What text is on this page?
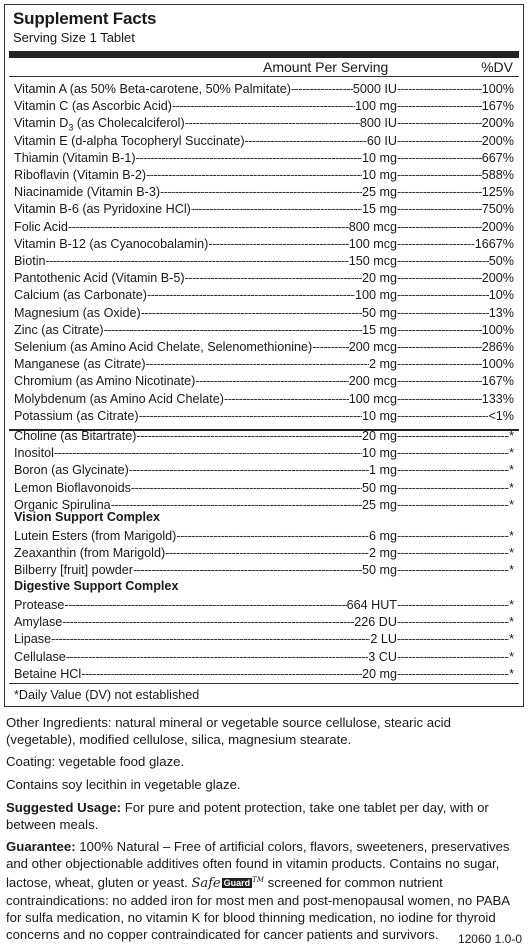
Supplement Facts
Serving Size 1 Tablet
Amount Per Serving	%DV
Vitamin A (as 50% Beta-carotene, 50% Palmitate) -----	5000 IU -----	100%
Vitamin C (as Ascorbic Acid) -----	100 mg -----	167%
Vitamin $D_3$ (as Cholecalciferol) -----	800 IU -----	200%
Vitamin E (d-alpha Tocopheryl Succinate) -----	60 IU -----	200%
Thiamin (Vitamin B-1) -----	10 mg -----	667%
Riboflavin (Vitamin B-2) -----	10 mg -----	588%
Niacinamide (Vitamin B-3) -----	25 mg -----	125%
Vitamin B-6 (as Pyridoxine HCl) -----	15 mg -----	750%
Folic Acid -----	800 mcg -----	200%
Vitamin B-12 (as Cyanocobalamin) -----	100 mcg -----	1667%
Biotin -----	150 mcg -----	50%
Pantothenic Acid (Vitamin B-5) -----	20 mg -----	200%
Calcium (as Carbonate) -----	100 mg -----	10%
Magnesium (as Oxide) -----	50 mg -----	13%
Zinc (as Citrate) -----	15 mg -----	100%
Selenium (as Amino Acid Chelate, Selenomethionine) -----	200 mcg -----	286%
Manganese (as Citrate) -----	2 mg -----	100%
Chromium (as Amino Nicotinate) -----	200 mcg -----	167%
Molybdenum (as Amino Acid Chelate) -----	100 mcg -----	133%
Potassium (as Citrate) -----	10 mg -----	<1%
Choline (as Bitartrate) -----	20 mg -----	*
Inositol -----	10 mg -----	*
Boron (as Glycinate) -----	1 mg -----	*
Lemon Bioflavonoids -----	50 mg -----	*
Organic Spirulina -----	25 mg -----	*
Vision Support Complex
Lutein Esters (from Marigold) -----	6 mg -----	*
Zeaxanthin (from Marigold) -----	2 mg -----	*
Bilberry [fruit] powder -----	50 mg -----	*
Digestive Support Complex
Protease -----	664 HUT -----	*
Amylase -----	226 DU -----	*
Lipase -----	2 LU -----	*
Cellulase -----	3 CU -----	*
Betaine HCl -----	20 mg -----	*
*Daily Value (DV) not established
Other Ingredients: natural mineral or vegetable source cellulose, stearic acid (vegetable), modified cellulose, silica, magnesium stearate.
Coating: vegetable food glaze.
Contains soy lecithin in vegetable glaze.
Suggested Usage: For pure and potent protection, take one tablet per day, with or between meals.
Guarantee: 100% Natural – Free of artificial colors, flavors, sweeteners, preservatives and other objectionable additives often found in vitamin products. Contains no sugar, lactose, wheat, gluten or yeast. Safe Guard ™ screened for common nutrient contraindications: no added iron for most men and post-menopausal women, no PABA for sulfa medication, no vitamin K for blood thinning medication, no iodine for thyroid concerns and no copper contraindicated for cancer patients and survivors.	12060 1.0-0
